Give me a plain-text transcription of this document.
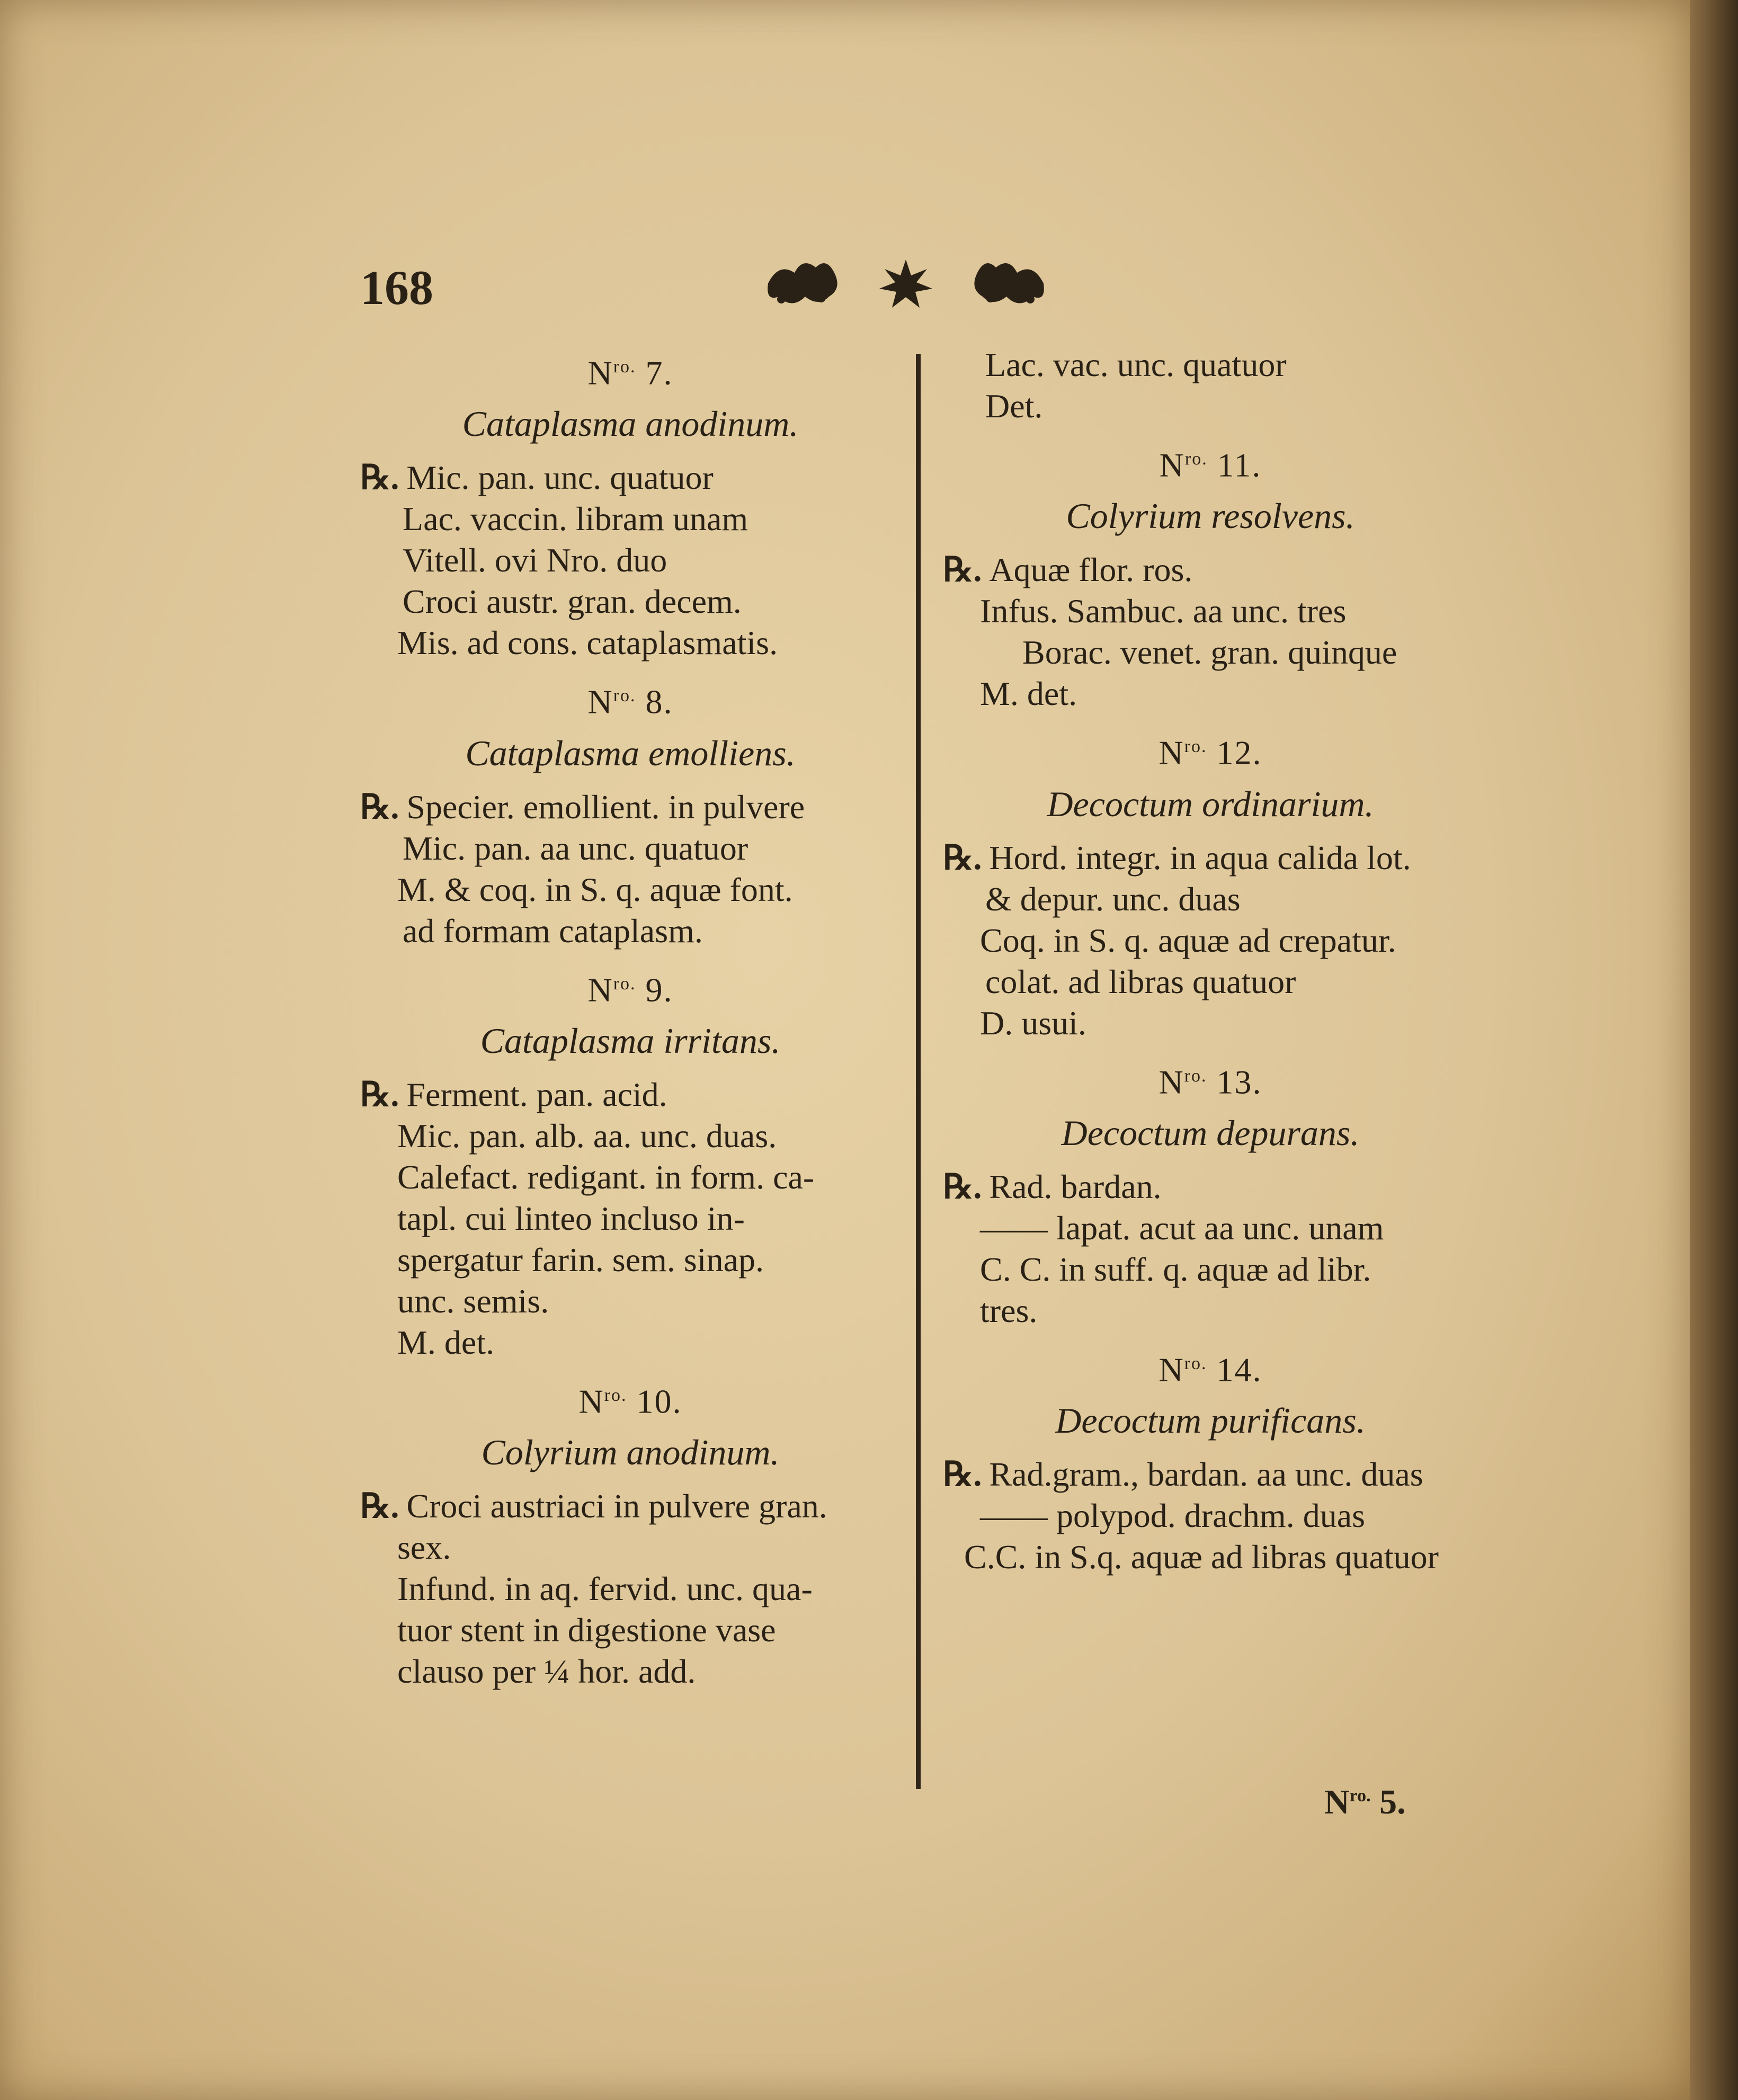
168
$N^{ro.}$ 7.
Cataplasma anodinum.
℞. Mic. pan. unc. quatuor
Lac. vaccin. libram unam
Vitell. ovi Nro. duo
Croci austr. gran. decem.
Mis. ad cons. cataplasmatis.
$N^{ro.}$ 8.
Cataplasma emolliens.
℞. Specier. emollient. in pulvere
Mic. pan. aa unc. quatuor
M. & coq. in S. q. aquæ font.
ad formam cataplasm.
$N^{ro.}$ 9.
Cataplasma irritans.
℞. Ferment. pan. acid.
Mic. pan. alb. aa. unc. duas.
Calefact. redigant. in form. ca-
tapl. cui linteo incluso in-
spergatur farin. sem. sinap.
unc. semis.
M. det.
$N^{ro.}$ 10.
Colyrium anodinum.
℞. Croci austriaci in pulvere gran.
sex.
Infund. in aq. fervid. unc. qua-
tuor stent in digestione vase
clauso per ¼ hor. add.
Lac. vac. unc. quatuor
Det.
$N^{ro.}$ 11.
Colyrium resolvens.
℞. Aquæ flor. ros.
Infus. Sambuc. aa unc. tres
Borac. venet. gran. quinque
M. det.
$N^{ro.}$ 12.
Decoctum ordinarium.
℞. Hord. integr. in aqua calida lot.
& depur. unc. duas
Coq. in S. q. aquæ ad crepatur.
colat. ad libras quatuor
D. usui.
$N^{ro.}$ 13.
Decoctum depurans.
℞. Rad. bardan.
—— lapat. acut aa unc. unam
C. C. in suff. q. aquæ ad libr.
tres.
$N^{ro.}$ 14.
Decoctum purificans.
℞. Rad.gram., bardan. aa unc. duas
—— polypod. drachm. duas
C.C. in S.q. aquæ ad libras quatuor
$N^{ro.}$ 5.
